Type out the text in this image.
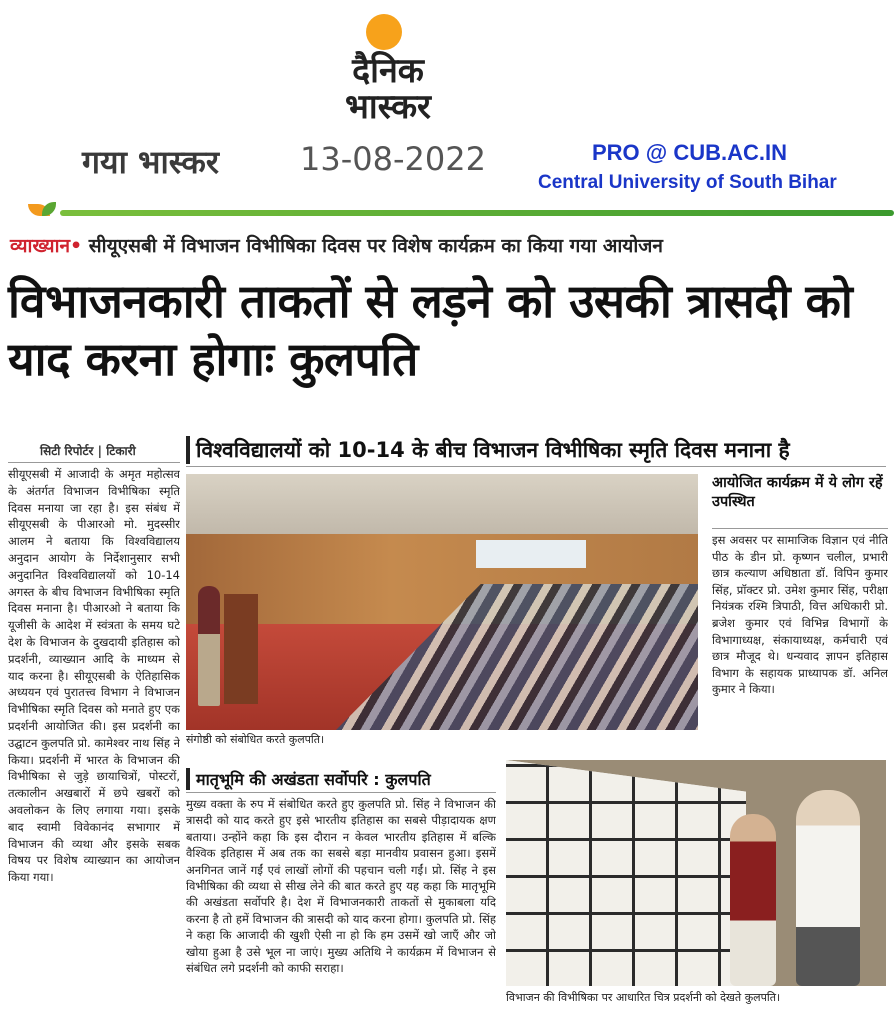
दैनिक
भास्कर
गया भास्कर	13-08-2022	PRO @ CUB.AC.IN
Central University of South Bihar
व्याख्यान• सीयूएसबी में विभाजन विभीषिका दिवस पर विशेष कार्यक्रम का किया गया आयोजन
विभाजनकारी ताकतों से लड़ने को उसकी त्रासदी को याद करना होगाः कुलपति
सिटी रिपोर्टर | टिकारी
सीयूएसबी में आजादी के अमृत महोत्सव के अंतर्गत विभाजन विभीषिका स्मृति दिवस मनाया जा रहा है। इस संबंध में सीयूएसबी के पीआरओ मो. मुदस्सीर आलम ने बताया कि विश्वविद्यालय अनुदान आयोग के निर्देशानुसार सभी अनुदानित विश्वविद्यालयों को 10-14 अगस्त के बीच विभाजन विभीषिका स्मृति दिवस मनाना है। पीआरओ ने बताया कि यूजीसी के आदेश में स्वंत्रता के समय घटे देश के विभाजन के दुखदायी इतिहास को प्रदर्शनी, व्याख्यान आदि के माध्यम से याद करना है। सीयूएसबी के ऐतिहासिक अध्ययन एवं पुरातत्त्व विभाग ने विभाजन विभीषिका स्मृति दिवस को मनाते हुए एक प्रदर्शनी आयोजित की। इस प्रदर्शनी का उद्घाटन कुलपति प्रो. कामेश्वर नाथ सिंह ने किया। प्रदर्शनी में भारत के विभाजन की विभीषिका से जुड़े छायाचित्रों, पोस्टरों, तत्कालीन अखबारों में छपे खबरों को अवलोकन के लिए लगाया गया। इसके बाद स्वामी विवेकानंद सभागार में विभाजन की व्यथा और इसके सबक विषय पर विशेष व्याख्यान का आयोजन किया गया।
विश्वविद्यालयों को 10-14 के बीच विभाजन विभीषिका स्मृति दिवस मनाना है
संगोष्ठी को संबोधित करते कुलपति।
आयोजित कार्यक्रम में ये लोग रहें उपस्थित
इस अवसर पर सामाजिक विज्ञान एवं नीति पीठ के डीन प्रो. कृष्णन चलील, प्रभारी छात्र कल्याण अधिष्ठाता डॉ. विपिन कुमार सिंह, प्रॉक्टर प्रो. उमेश कुमार सिंह, परीक्षा नियंत्रक रश्मि त्रिपाठी, वित्त अधिकारी प्रो. ब्रजेश कुमार एवं विभिन्न विभागों के विभागाध्यक्ष, संकायाध्यक्ष, कर्मचारी एवं छात्र मौजूद थे। धन्यवाद ज्ञापन इतिहास विभाग के सहायक प्राध्यापक डॉ. अनिल कुमार ने किया।
मातृभूमि की अखंडता सर्वोपरि : कुलपति
मुख्य वक्ता के रुप में संबोधित करते हुए कुलपति प्रो. सिंह ने विभाजन की त्रासदी को याद करते हुए इसे भारतीय इतिहास का सबसे पीड़ादायक क्षण बताया। उन्होंने कहा कि इस दौरान न केवल भारतीय इतिहास में बल्कि वैश्विक इतिहास में अब तक का सबसे बड़ा मानवीय प्रवासन हुआ। इसमें अनगिनत जानें गईं एवं लाखों लोगों की पहचान चली गईं। प्रो. सिंह ने इस विभीषिका की व्यथा से सीख लेने की बात करते हुए यह कहा कि मातृभूमि की अखंडता सर्वोपरि है। देश में विभाजनकारी ताकतों से मुकाबला यदि करना है तो हमें विभाजन की त्रासदी को याद करना होगा। कुलपति प्रो. सिंह ने कहा कि आजादी की खुशी ऐसी ना हो कि हम उसमें खो जाएँ और जो खोया हुआ है उसे भूल ना जाएं। मुख्य अतिथि ने कार्यक्रम में विभाजन से संबंधित लगे प्रदर्शनी को काफी सराहा।
विभाजन की विभीषिका पर आधारित चित्र प्रदर्शनी को देखते कुलपति।
